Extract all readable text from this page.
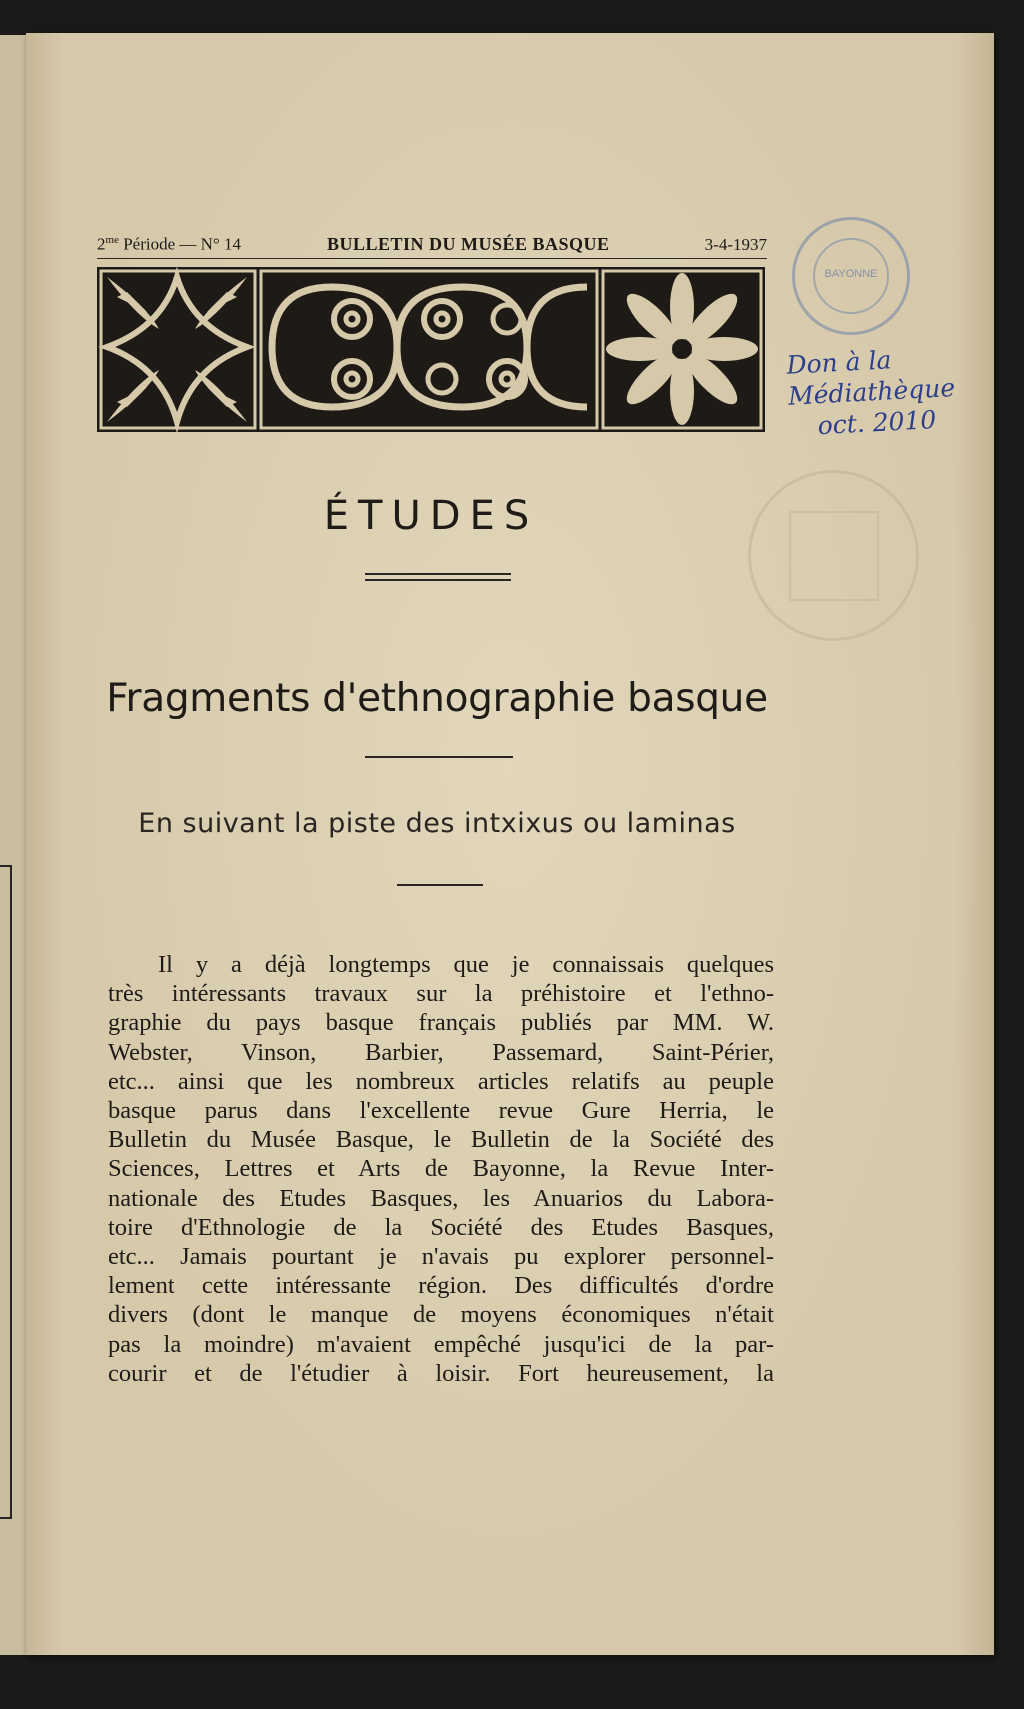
$2^{me}$ Période — N° 14	BULLETIN DU MUSÉE BASQUE	3-4-1937
BAYONNE
Don à la
Médiathèque
oct. 2010
ÉTUDES
Fragments d'ethnographie basque
En suivant la piste des intxixus ou laminas
Il y a déjà longtemps que je connaissais quelques
très intéressants travaux sur la préhistoire et l'ethno-
graphie du pays basque français publiés par MM. W.
Webster, Vinson, Barbier, Passemard, Saint-Périer,
etc... ainsi que les nombreux articles relatifs au peuple
basque parus dans l'excellente revue Gure Herria, le
Bulletin du Musée Basque, le Bulletin de la Société des
Sciences, Lettres et Arts de Bayonne, la Revue Inter-
nationale des Etudes Basques, les Anuarios du Labora-
toire d'Ethnologie de la Société des Etudes Basques,
etc... Jamais pourtant je n'avais pu explorer personnel-
lement cette intéressante région. Des difficultés d'ordre
divers (dont le manque de moyens économiques n'était
pas la moindre) m'avaient empêché jusqu'ici de la par-
courir et de l'étudier à loisir. Fort heureusement, la
